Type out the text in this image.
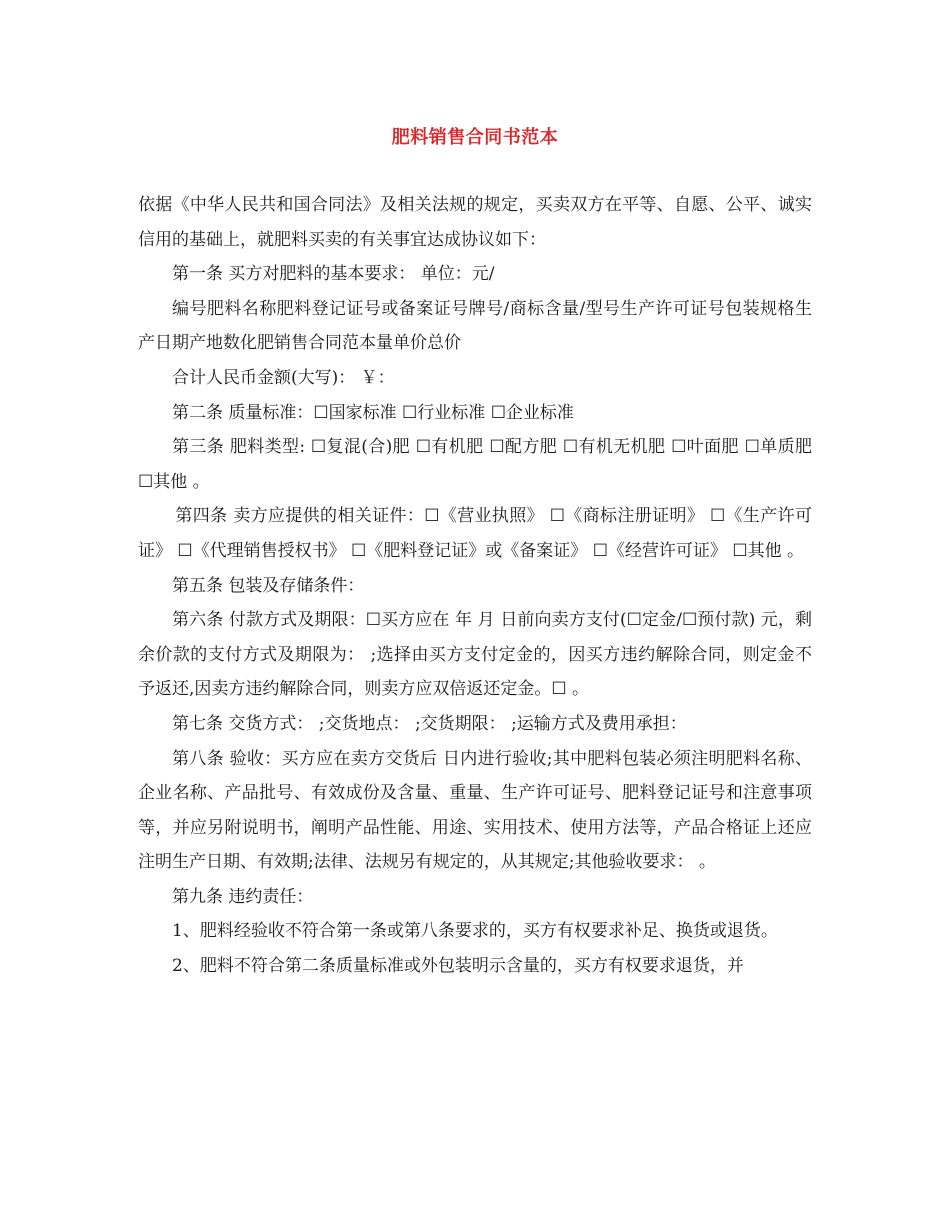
肥料销售合同书范本

依据《中华人民共和国合同法》及相关法规的规定，买卖双方在平等、自愿、公平、诚实信用的基础上，就肥料买卖的有关事宜达成协议如下：

第一条 买方对肥料的基本要求： 单位：元/

编号肥料名称肥料登记证号或备案证号牌号/商标含量/型号生产许可证号包装规格生产日期产地数化肥销售合同范本量单价总价

合计人民币金额(大写)： ￥：

第二条 质量标准：☐国家标准 ☐行业标准 ☐企业标准

第三条 肥料类型: ☐复混(合)肥 ☐有机肥 ☐配方肥 ☐有机无机肥 ☐叶面肥 ☐单质肥 ☐其他 。

第四条 卖方应提供的相关证件：☐《营业执照》 ☐《商标注册证明》 ☐《生产许可证》 ☐《代理销售授权书》 ☐《肥料登记证》或《备案证》 ☐《经营许可证》 ☐其他 。

第五条 包装及存储条件：

第六条 付款方式及期限：☐买方应在 年 月 日前向卖方支付(☐定金/☐预付款) 元，剩余价款的支付方式及期限为： ;选择由买方支付定金的，因买方违约解除合同，则定金不予返还,因卖方违约解除合同，则卖方应双倍返还定金。☐ 。

第七条 交货方式： ;交货地点： ;交货期限： ;运输方式及费用承担：

第八条 验收：买方应在卖方交货后 日内进行验收;其中肥料包装必须注明肥料名称、企业名称、产品批号、有效成份及含量、重量、生产许可证号、肥料登记证号和注意事项等，并应另附说明书，阐明产品性能、用途、实用技术、使用方法等，产品合格证上还应注明生产日期、有效期;法律、法规另有规定的，从其规定;其他验收要求： 。

第九条 违约责任：

1、肥料经验收不符合第一条或第八条要求的，买方有权要求补足、换货或退货。

2、肥料不符合第二条质量标准或外包装明示含量的，买方有权要求退货，并
